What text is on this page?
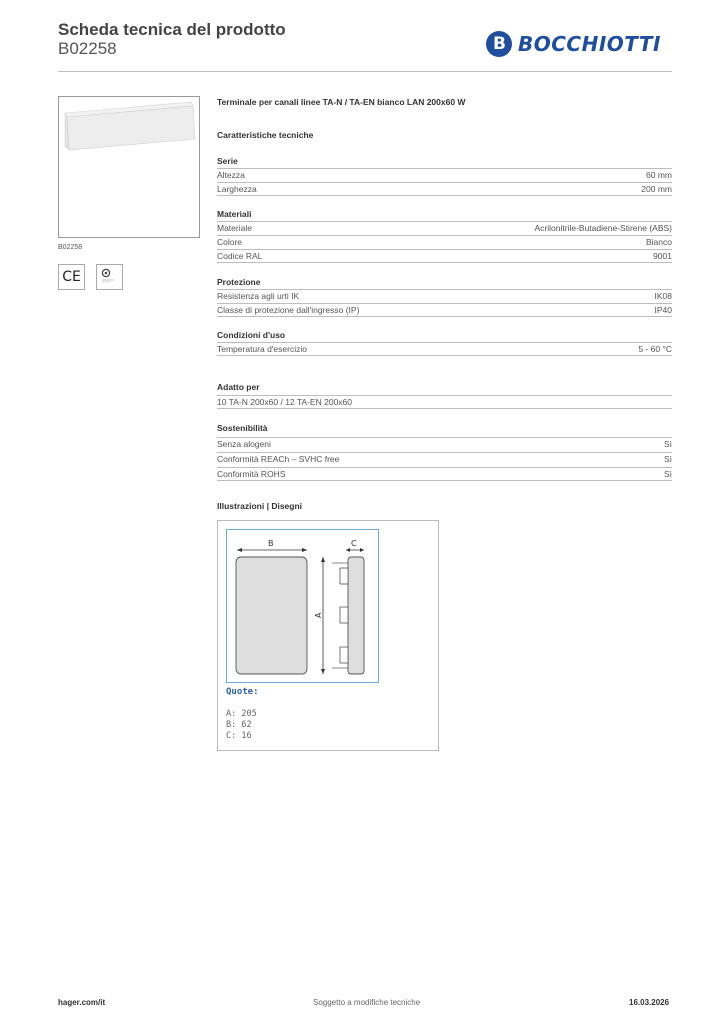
Scheda tecnica del prodotto
B02258	B BOCCHIOTTI
B02258
CE
Terminale per canali linee TA-N / TA-EN bianco LAN 200x60 W
Caratteristiche tecniche
Serie
Altezza	60 mm
Larghezza	200 mm
Materiali
Materiale	Acrilonitrile-Butadiene-Stirene (ABS)
Colore	Bianco
Codice RAL	9001
Protezione
Resistenza agli urti IK	IK08
Classe di protezione dall'ingresso (IP)	IP40
Condizioni d'uso
Temperatura d'esercizio	5 - 60 °C
Adatto per
10 TA-N 200x60 / 12 TA-EN 200x60
Sostenibilità
Senza alogeni	Sì
Conformità REACh – SVHC free	Sì
Conformità ROHS	Sì
Illustrazioni | Disegni
B	C
A
Quote:
A: 205
B: 62
C: 16
hager.com/it	Soggetto a modifiche tecniche	16.03.2026
